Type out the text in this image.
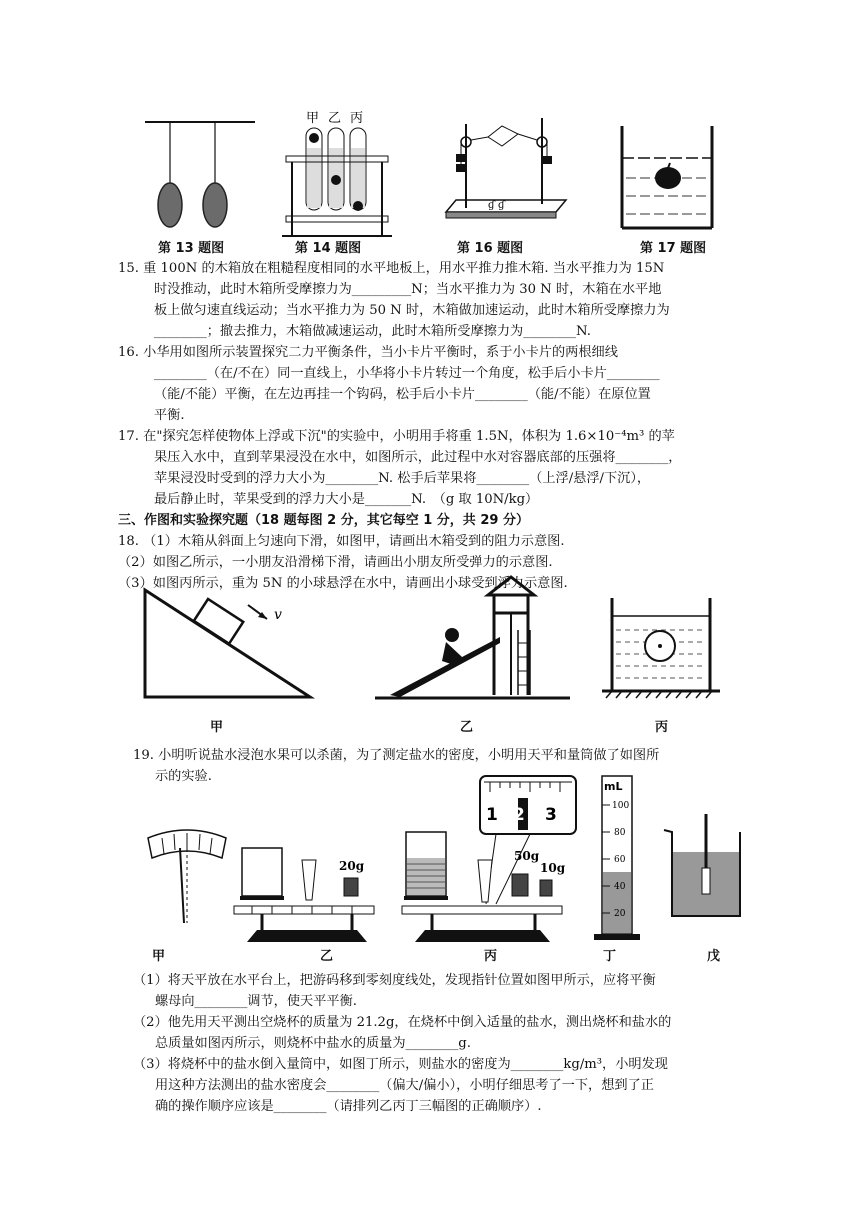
甲 乙 丙
ɠ ɠ
第 13 题图	第 14 题图	第 16 题图	第 17 题图

15. 重 100N 的木箱放在粗糙程度相同的水平地板上，用水平推力推木箱. 当水平推力为 15N

时没推动，此时木箱所受摩擦力为_________N；当水平推力为 30 N 时，木箱在水平地

板上做匀速直线运动；当水平推力为 50 N 时，木箱做加速运动，此时木箱所受摩擦力为

________；撤去推力，木箱做减速运动，此时木箱所受摩擦力为________N.

16. 小华用如图所示装置探究二力平衡条件，当小卡片平衡时，系于小卡片的两根细线

________（在/不在）同一直线上，小华将小卡片转过一个角度，松手后小卡片________

（能/不能）平衡，在左边再挂一个钩码，松手后小卡片________（能/不能）在原位置

平衡.

17. 在"探究怎样使物体上浮或下沉"的实验中，小明用手将重 1.5N，体积为 1.6×10⁻⁴m³ 的苹

果压入水中，直到苹果浸没在水中，如图所示，此过程中水对容器底部的压强将________，

苹果浸没时受到的浮力大小为________N. 松手后苹果将________（上浮/悬浮/下沉），

最后静止时，苹果受到的浮力大小是_______N.　（g 取 10N/kg）

三、作图和实验探究题（18 题每图 2 分，其它每空 1 分，共 29 分）

18. （1）木箱从斜面上匀速向下滑，如图甲，请画出木箱受到的阻力示意图.

（2）如图乙所示，一小朋友沿滑梯下滑，请画出小朋友所受弹力的示意图.

（3）如图丙所示，重为 5N 的小球悬浮在水中，请画出小球受到浮力示意图.

v
甲	乙	丙

19. 小明听说盐水浸泡水果可以杀菌，为了测定盐水的密度，小明用天平和量筒做了如图所

示的实验.

20g
1 2 3
50g
10g
mL
100
80
60
40
20
甲	乙	丙	丁	戊

（1）将天平放在水平台上，把游码移到零刻度线处，发现指针位置如图甲所示，应将平衡

螺母向________调节，使天平平衡.

（2）他先用天平测出空烧杯的质量为 21.2g，在烧杯中倒入适量的盐水，测出烧杯和盐水的

总质量如图丙所示，则烧杯中盐水的质量为________g.

（3）将烧杯中的盐水倒入量筒中，如图丁所示，则盐水的密度为________kg/m³，小明发现

用这种方法测出的盐水密度会________（偏大/偏小），小明仔细思考了一下，想到了正

确的操作顺序应该是________（请排列乙丙丁三幅图的正确顺序）.
